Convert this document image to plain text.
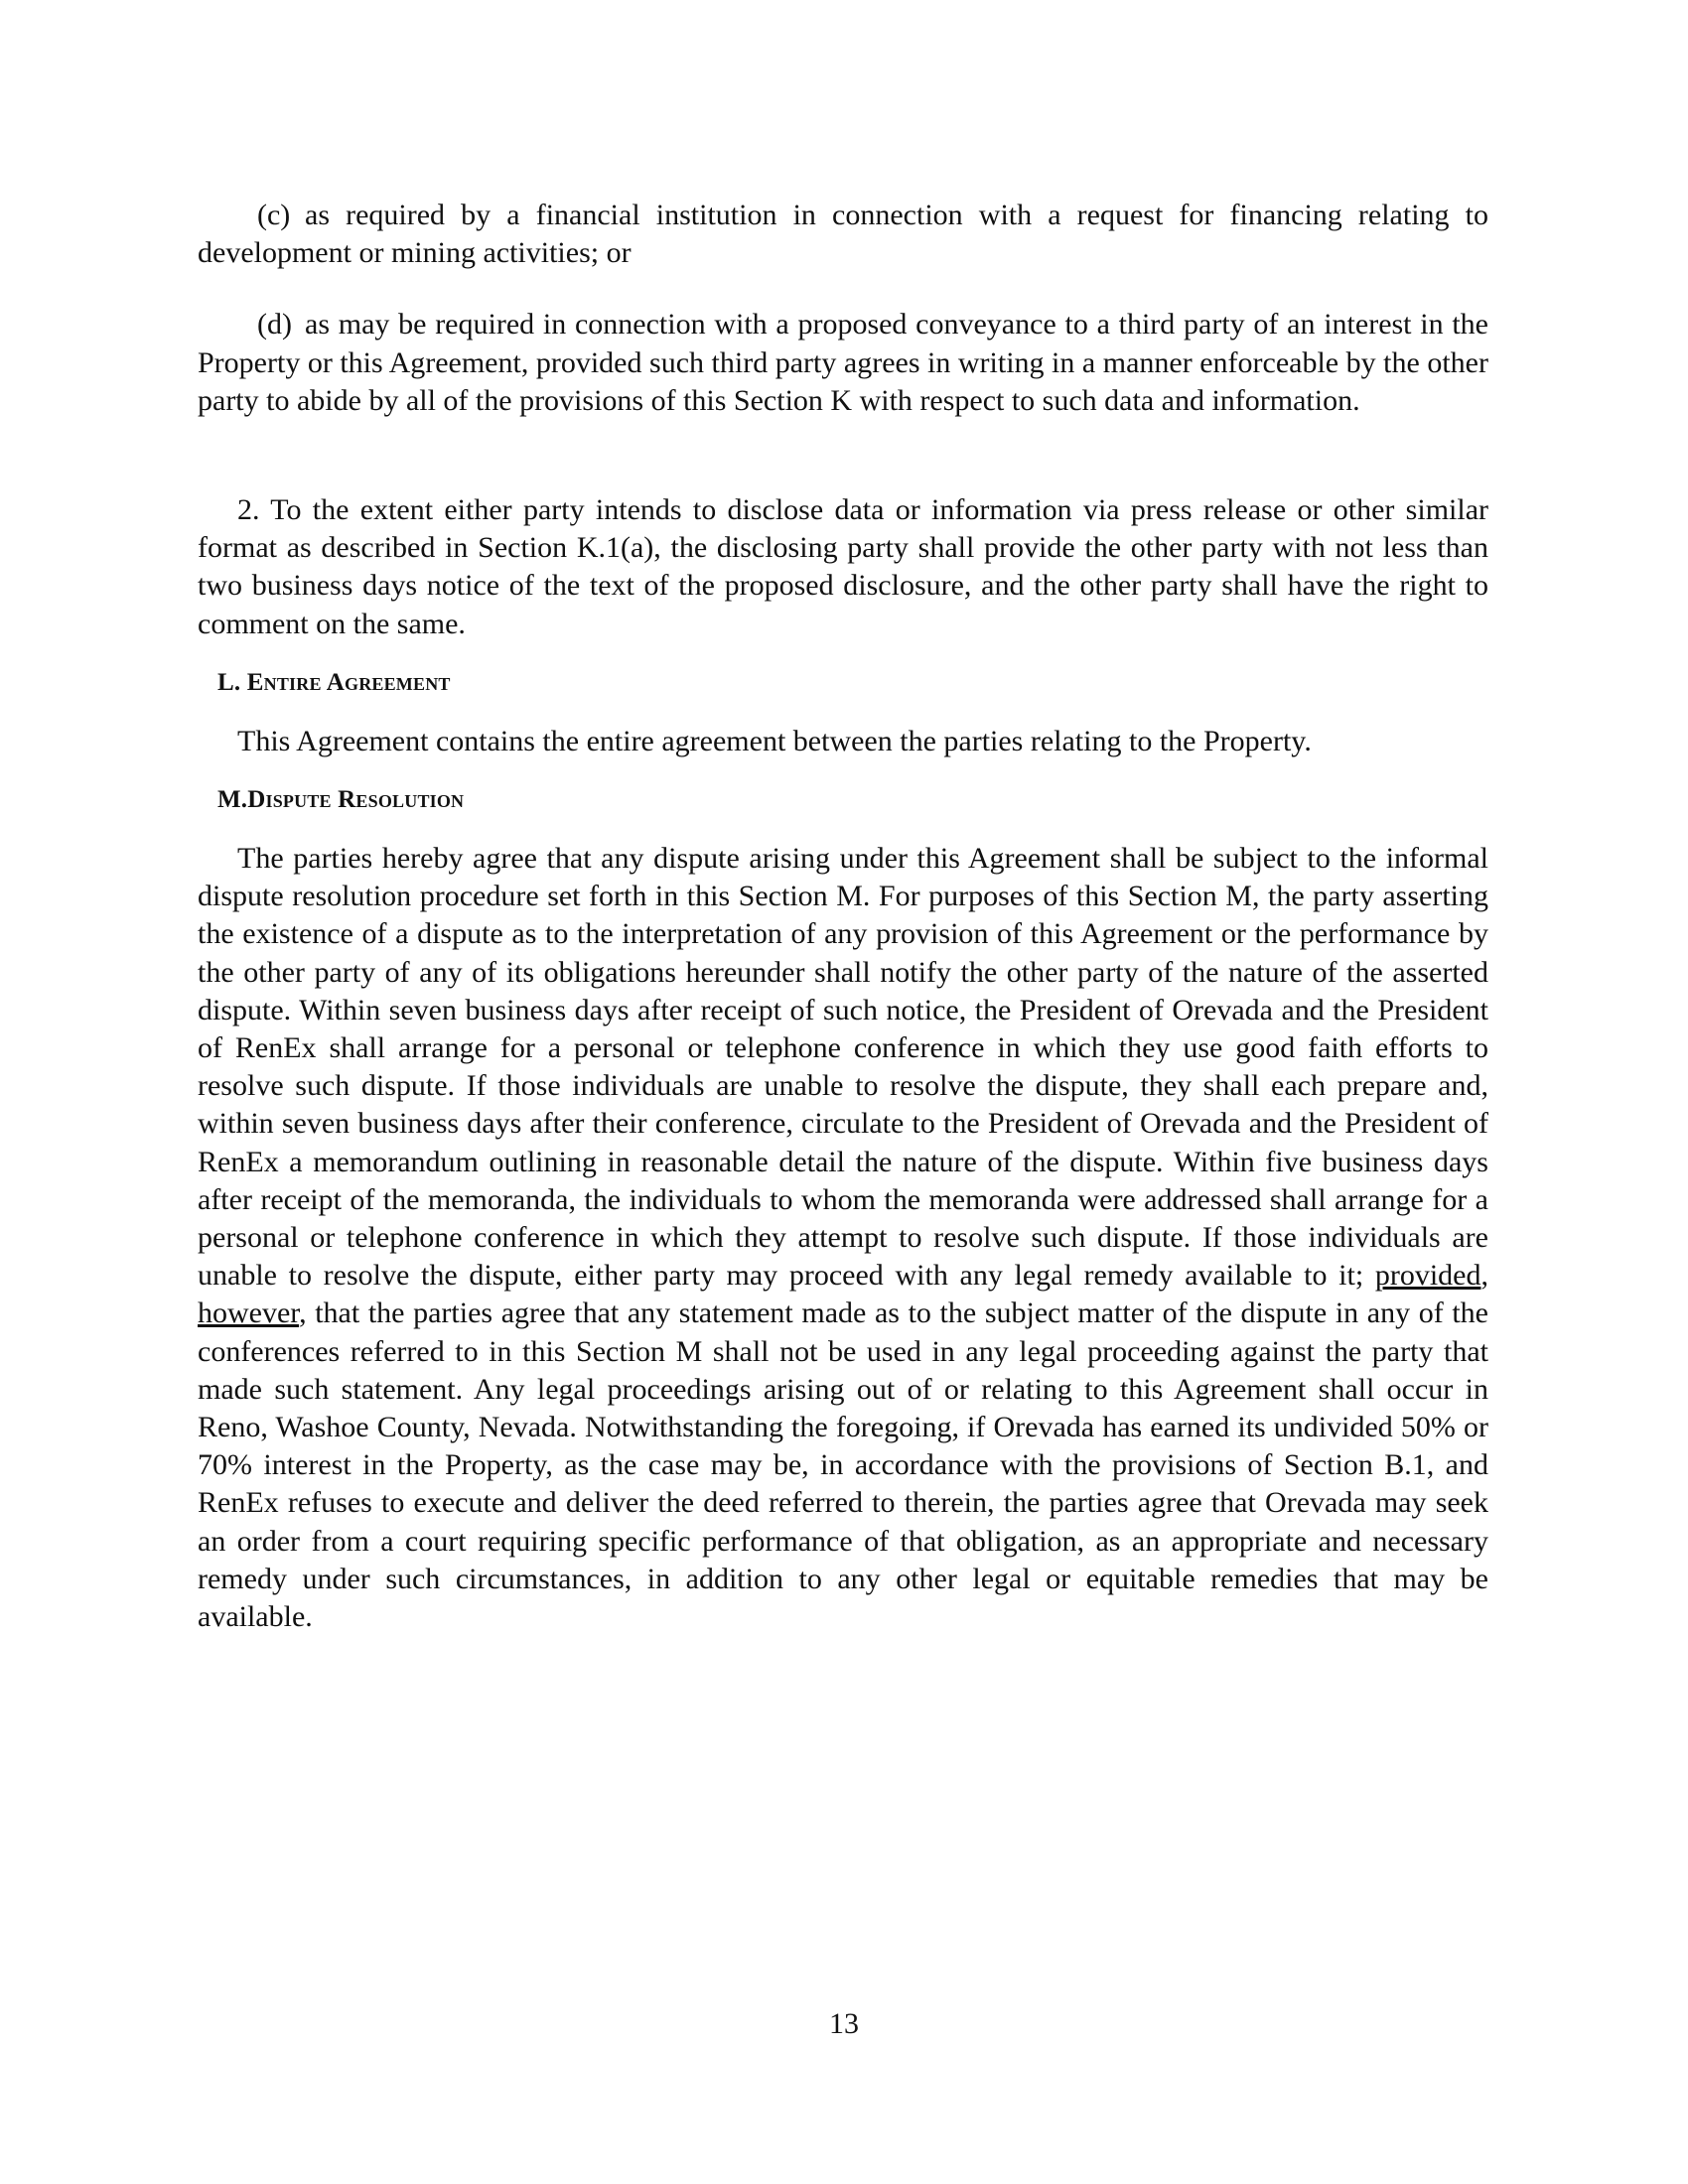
(c) as required by a financial institution in connection with a request for financing relating to development or mining activities; or

(d) as may be required in connection with a proposed conveyance to a third party of an interest in the Property or this Agreement, provided such third party agrees in writing in a manner enforceable by the other party to abide by all of the provisions of this Section K with respect to such data and information.

2. To the extent either party intends to disclose data or information via press release or other similar format as described in Section K.1(a), the disclosing party shall provide the other party with not less than two business days notice of the text of the proposed disclosure, and the other party shall have the right to comment on the same.

L. Entire Agreement

This Agreement contains the entire agreement between the parties relating to the Property.

M.Dispute Resolution

The parties hereby agree that any dispute arising under this Agreement shall be subject to the informal dispute resolution procedure set forth in this Section M. For purposes of this Section M, the party asserting the existence of a dispute as to the interpretation of any provision of this Agreement or the performance by the other party of any of its obligations hereunder shall notify the other party of the nature of the asserted dispute. Within seven business days after receipt of such notice, the President of Orevada and the President of RenEx shall arrange for a personal or telephone conference in which they use good faith efforts to resolve such dispute. If those individuals are unable to resolve the dispute, they shall each prepare and, within seven business days after their conference, circulate to the President of Orevada and the President of RenEx a memorandum outlining in reasonable detail the nature of the dispute. Within five business days after receipt of the memoranda, the individuals to whom the memoranda were addressed shall arrange for a personal or telephone conference in which they attempt to resolve such dispute. If those individuals are unable to resolve the dispute, either party may proceed with any legal remedy available to it; provided, however, that the parties agree that any statement made as to the subject matter of the dispute in any of the conferences referred to in this Section M shall not be used in any legal proceeding against the party that made such statement. Any legal proceedings arising out of or relating to this Agreement shall occur in Reno, Washoe County, Nevada. Notwithstanding the foregoing, if Orevada has earned its undivided 50% or 70% interest in the Property, as the case may be, in accordance with the provisions of Section B.1, and RenEx refuses to execute and deliver the deed referred to therein, the parties agree that Orevada may seek an order from a court requiring specific performance of that obligation, as an appropriate and necessary remedy under such circumstances, in addition to any other legal or equitable remedies that may be available.

13
